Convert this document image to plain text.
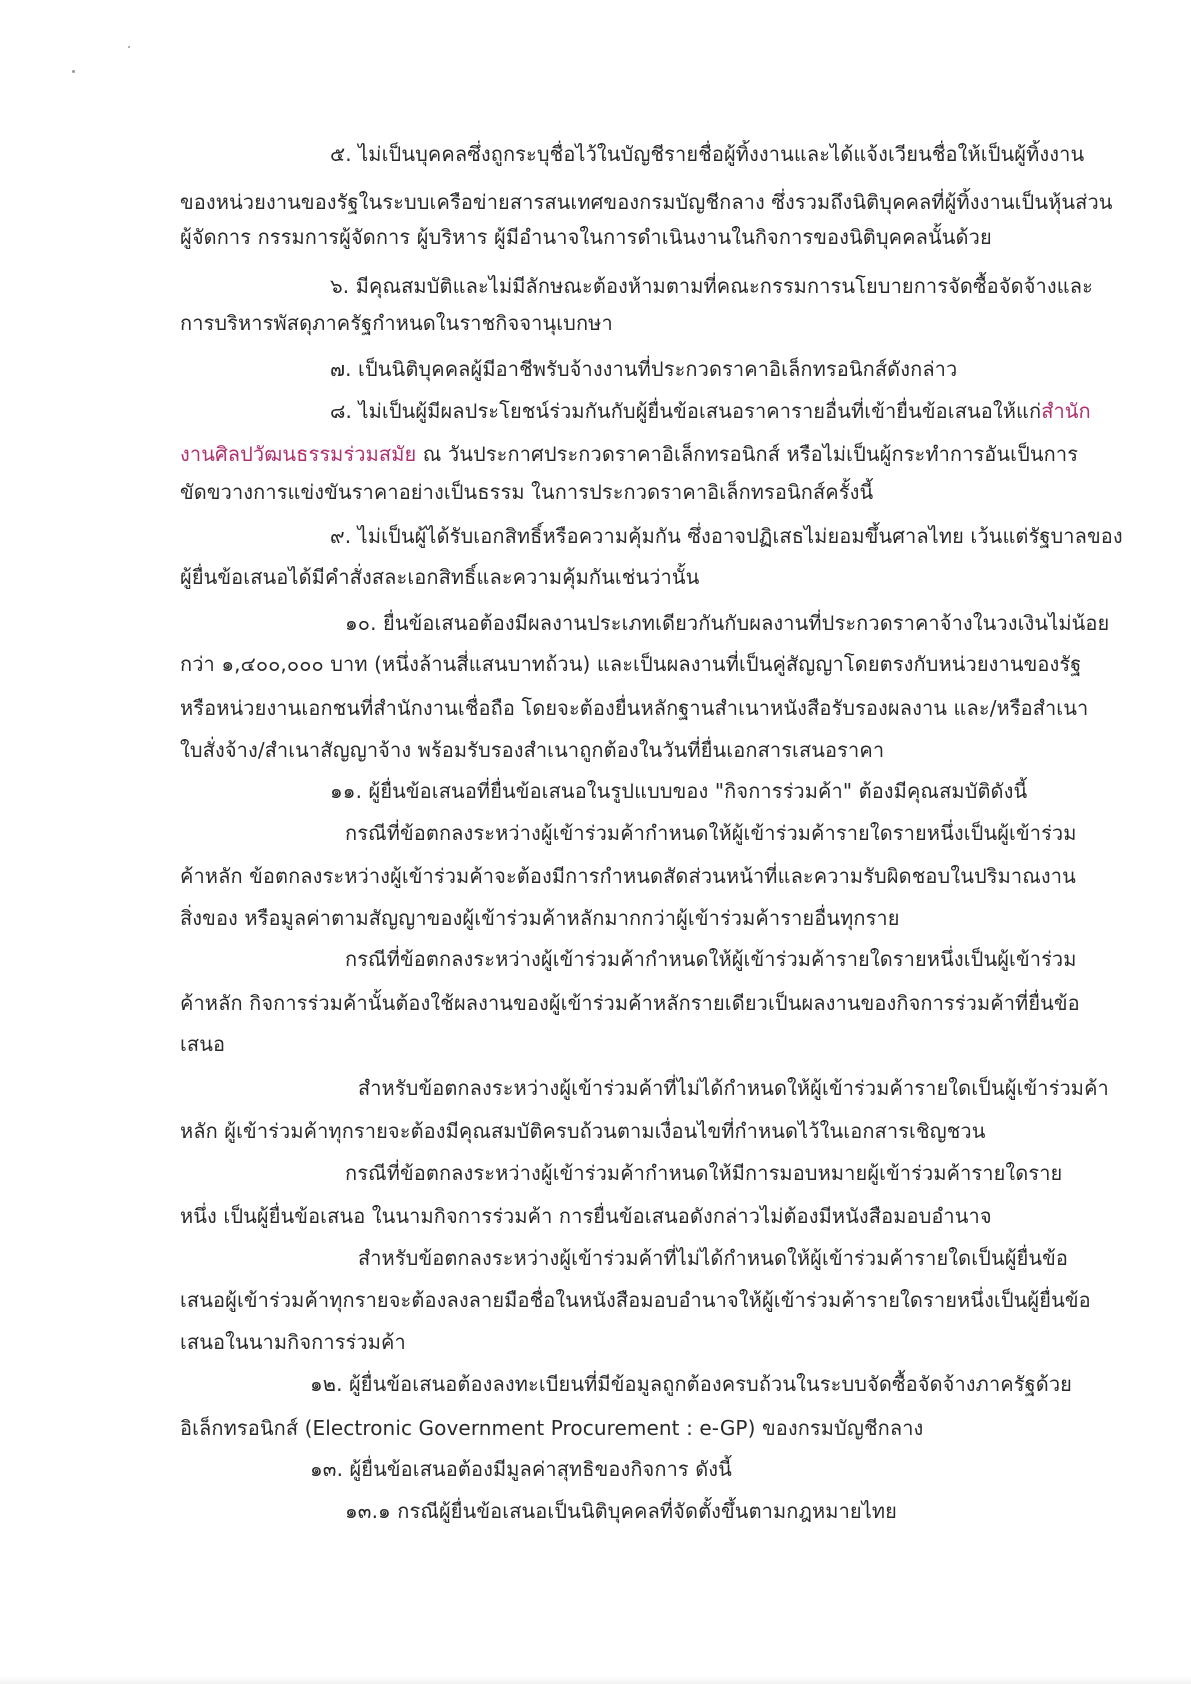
๕. ไม่เป็นบุคคลซึ่งถูกระบุชื่อไว้ในบัญชีรายชื่อผู้ทิ้งงานและได้แจ้งเวียนชื่อให้เป็นผู้ทิ้งงาน
ของหน่วยงานของรัฐในระบบเครือข่ายสารสนเทศของกรมบัญชีกลาง ซึ่งรวมถึงนิติบุคคลที่ผู้ทิ้งงานเป็นหุ้นส่วน
ผู้จัดการ กรรมการผู้จัดการ ผู้บริหาร ผู้มีอำนาจในการดำเนินงานในกิจการของนิติบุคคลนั้นด้วย
๖. มีคุณสมบัติและไม่มีลักษณะต้องห้ามตามที่คณะกรรมการนโยบายการจัดซื้อจัดจ้างและ
การบริหารพัสดุภาครัฐกำหนดในราชกิจจานุเบกษา
๗. เป็นนิติบุคคลผู้มีอาชีพรับจ้างงานที่ประกวดราคาอิเล็กทรอนิกส์ดังกล่าว
๘. ไม่เป็นผู้มีผลประโยชน์ร่วมกันกับผู้ยื่นข้อเสนอราคารายอื่นที่เข้ายื่นข้อเสนอให้แก่สำนัก
งานศิลปวัฒนธรรมร่วมสมัย ณ วันประกาศประกวดราคาอิเล็กทรอนิกส์ หรือไม่เป็นผู้กระทำการอันเป็นการ
ขัดขวางการแข่งขันราคาอย่างเป็นธรรม ในการประกวดราคาอิเล็กทรอนิกส์ครั้งนี้
๙. ไม่เป็นผู้ได้รับเอกสิทธิ์หรือความคุ้มกัน ซึ่งอาจปฏิเสธไม่ยอมขึ้นศาลไทย เว้นแต่รัฐบาลของ
ผู้ยื่นข้อเสนอได้มีคำสั่งสละเอกสิทธิ์และความคุ้มกันเช่นว่านั้น
๑๐. ยื่นข้อเสนอต้องมีผลงานประเภทเดียวกันกับผลงานที่ประกวดราคาจ้างในวงเงินไม่น้อย
กว่า ๑,๔๐๐,๐๐๐ บาท (หนึ่งล้านสี่แสนบาทถ้วน) และเป็นผลงานที่เป็นคู่สัญญาโดยตรงกับหน่วยงานของรัฐ
หรือหน่วยงานเอกชนที่สำนักงานเชื่อถือ โดยจะต้องยื่นหลักฐานสำเนาหนังสือรับรองผลงาน และ/หรือสำเนา
ใบสั่งจ้าง/สำเนาสัญญาจ้าง พร้อมรับรองสำเนาถูกต้องในวันที่ยื่นเอกสารเสนอราคา
๑๑. ผู้ยื่นข้อเสนอที่ยื่นข้อเสนอในรูปแบบของ "กิจการร่วมค้า" ต้องมีคุณสมบัติดังนี้
กรณีที่ข้อตกลงระหว่างผู้เข้าร่วมค้ากำหนดให้ผู้เข้าร่วมค้ารายใดรายหนึ่งเป็นผู้เข้าร่วม
ค้าหลัก ข้อตกลงระหว่างผู้เข้าร่วมค้าจะต้องมีการกำหนดสัดส่วนหน้าที่และความรับผิดชอบในปริมาณงาน
สิ่งของ หรือมูลค่าตามสัญญาของผู้เข้าร่วมค้าหลักมากกว่าผู้เข้าร่วมค้ารายอื่นทุกราย
กรณีที่ข้อตกลงระหว่างผู้เข้าร่วมค้ากำหนดให้ผู้เข้าร่วมค้ารายใดรายหนึ่งเป็นผู้เข้าร่วม
ค้าหลัก กิจการร่วมค้านั้นต้องใช้ผลงานของผู้เข้าร่วมค้าหลักรายเดียวเป็นผลงานของกิจการร่วมค้าที่ยื่นข้อ
เสนอ
สำหรับข้อตกลงระหว่างผู้เข้าร่วมค้าที่ไม่ได้กำหนดให้ผู้เข้าร่วมค้ารายใดเป็นผู้เข้าร่วมค้า
หลัก ผู้เข้าร่วมค้าทุกรายจะต้องมีคุณสมบัติครบถ้วนตามเงื่อนไขที่กำหนดไว้ในเอกสารเชิญชวน
กรณีที่ข้อตกลงระหว่างผู้เข้าร่วมค้ากำหนดให้มีการมอบหมายผู้เข้าร่วมค้ารายใดราย
หนึ่ง เป็นผู้ยื่นข้อเสนอ ในนามกิจการร่วมค้า การยื่นข้อเสนอดังกล่าวไม่ต้องมีหนังสือมอบอำนาจ
สำหรับข้อตกลงระหว่างผู้เข้าร่วมค้าที่ไม่ได้กำหนดให้ผู้เข้าร่วมค้ารายใดเป็นผู้ยื่นข้อ
เสนอผู้เข้าร่วมค้าทุกรายจะต้องลงลายมือชื่อในหนังสือมอบอำนาจให้ผู้เข้าร่วมค้ารายใดรายหนึ่งเป็นผู้ยื่นข้อ
เสนอในนามกิจการร่วมค้า
๑๒. ผู้ยื่นข้อเสนอต้องลงทะเบียนที่มีข้อมูลถูกต้องครบถ้วนในระบบจัดซื้อจัดจ้างภาครัฐด้วย
อิเล็กทรอนิกส์ (Electronic Government Procurement : e-GP) ของกรมบัญชีกลาง
๑๓. ผู้ยื่นข้อเสนอต้องมีมูลค่าสุทธิของกิจการ ดังนี้
๑๓.๑ กรณีผู้ยื่นข้อเสนอเป็นนิติบุคคลที่จัดตั้งขึ้นตามกฎหมายไทย
